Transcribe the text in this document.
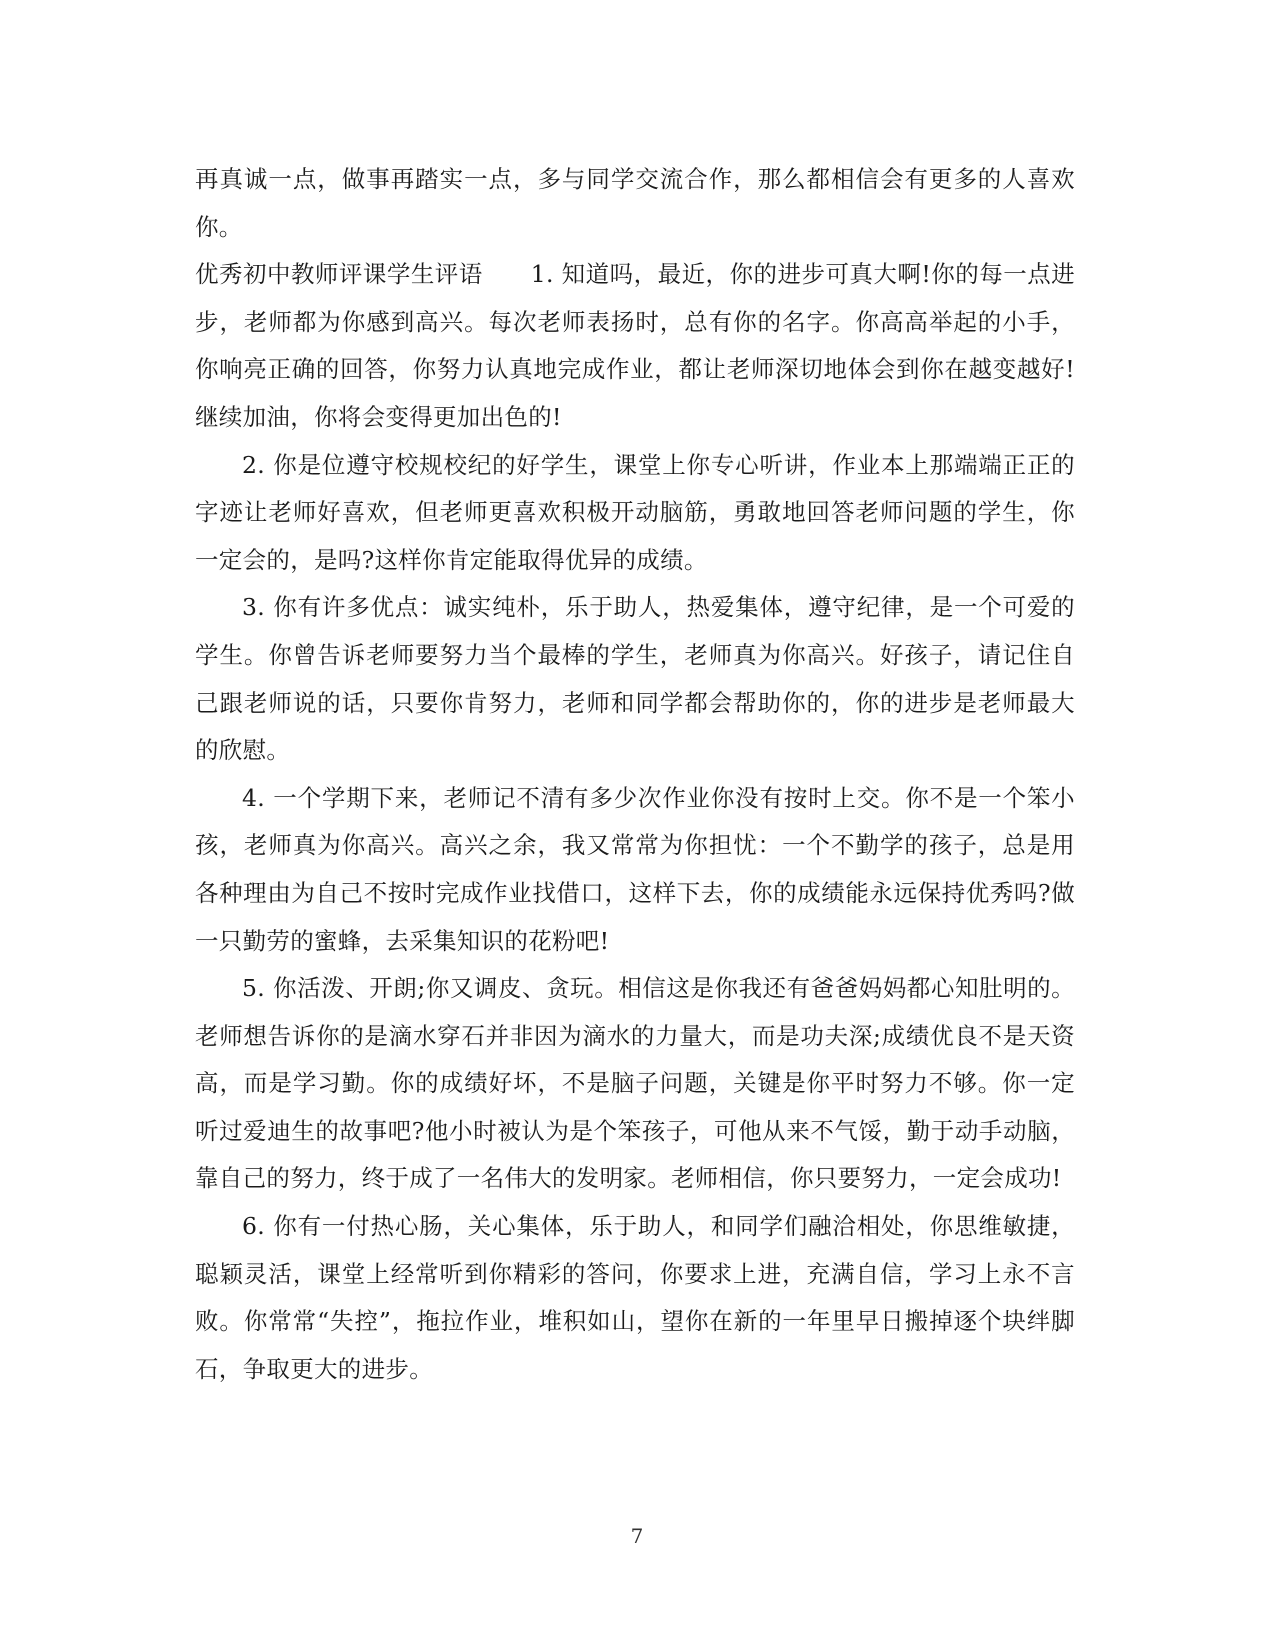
再真诚一点，做事再踏实一点，多与同学交流合作，那么都相信会有更多的人喜欢你。

优秀初中教师评课学生评语　　1. 知道吗，最近，你的进步可真大啊!你的每一点进步，老师都为你感到高兴。每次老师表扬时，总有你的名字。你高高举起的小手，你响亮正确的回答，你努力认真地完成作业，都让老师深切地体会到你在越变越好!继续加油，你将会变得更加出色的!

2. 你是位遵守校规校纪的好学生，课堂上你专心听讲，作业本上那端端正正的字迹让老师好喜欢，但老师更喜欢积极开动脑筋，勇敢地回答老师问题的学生，你一定会的，是吗?这样你肯定能取得优异的成绩。

3. 你有许多优点：诚实纯朴，乐于助人，热爱集体，遵守纪律，是一个可爱的学生。你曾告诉老师要努力当个最棒的学生，老师真为你高兴。好孩子，请记住自己跟老师说的话，只要你肯努力，老师和同学都会帮助你的，你的进步是老师最大的欣慰。

4. 一个学期下来，老师记不清有多少次作业你没有按时上交。你不是一个笨小孩，老师真为你高兴。高兴之余，我又常常为你担忧：一个不勤学的孩子，总是用各种理由为自己不按时完成作业找借口，这样下去，你的成绩能永远保持优秀吗?做一只勤劳的蜜蜂，去采集知识的花粉吧!

5. 你活泼、开朗;你又调皮、贪玩。相信这是你我还有爸爸妈妈都心知肚明的。老师想告诉你的是滴水穿石并非因为滴水的力量大，而是功夫深;成绩优良不是天资高，而是学习勤。你的成绩好坏，不是脑子问题，关键是你平时努力不够。你一定听过爱迪生的故事吧?他小时被认为是个笨孩子，可他从来不气馁，勤于动手动脑，靠自己的努力，终于成了一名伟大的发明家。老师相信，你只要努力，一定会成功!

6. 你有一付热心肠，关心集体，乐于助人，和同学们融洽相处，你思维敏捷，聪颖灵活，课堂上经常听到你精彩的答问，你要求上进，充满自信，学习上永不言败。你常常“失控”，拖拉作业，堆积如山，望你在新的一年里早日搬掉逐个块绊脚石，争取更大的进步。

7
